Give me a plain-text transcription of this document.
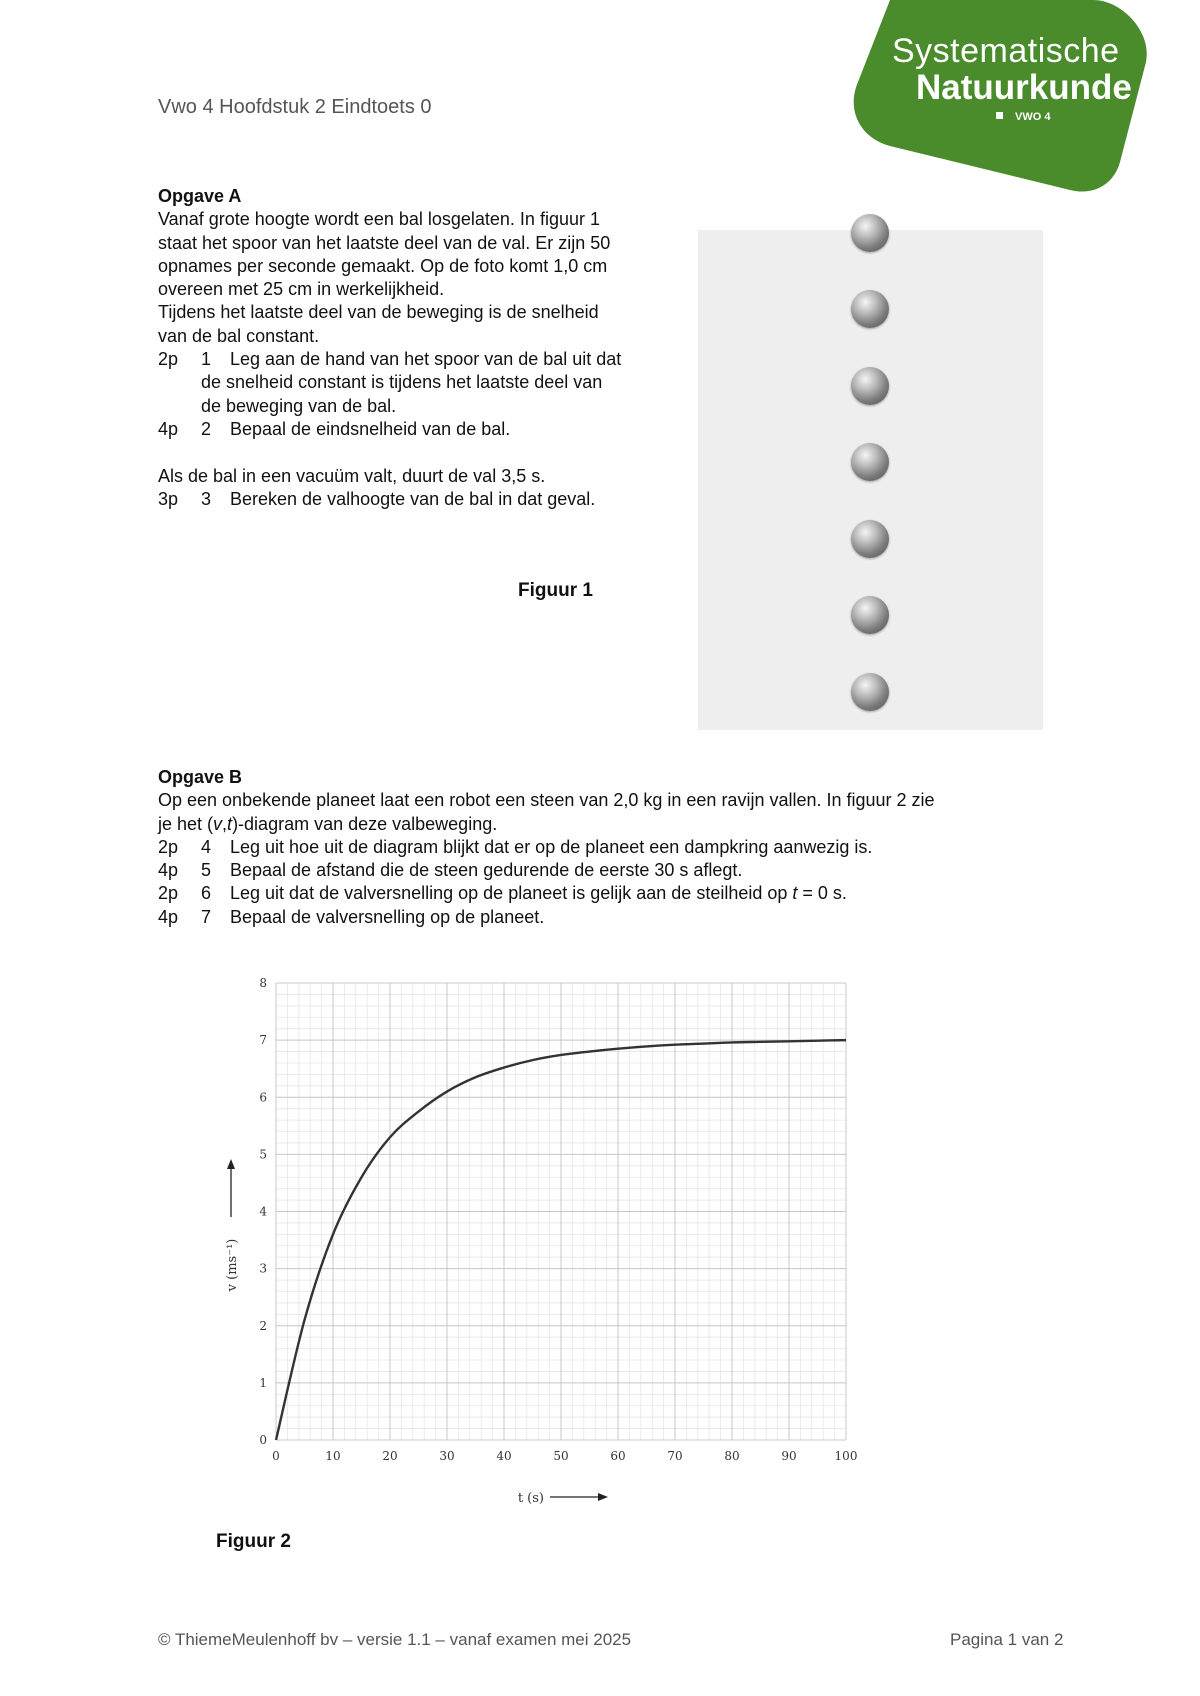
Vwo 4 Hoofdstuk 2 Eindtoets 0
Systematische
Natuurkunde
VWO 4
Opgave A
Vanaf grote hoogte wordt een bal losgelaten. In figuur 1
staat het spoor van het laatste deel van de val. Er zijn 50
opnames per seconde gemaakt. Op de foto komt 1,0 cm
overeen met 25 cm in werkelijkheid.
Tijdens het laatste deel van de beweging is de snelheid
van de bal constant.
2p	1	Leg aan de hand van het spoor van de bal uit dat
de snelheid constant is tijdens het laatste deel van
de beweging van de bal.
4p	2	Bepaal de eindsnelheid van de bal.
Als de bal in een vacuüm valt, duurt de val 3,5 s.
3p	3	Bereken de valhoogte van de bal in dat geval.
Figuur 1
Opgave B
Op een onbekende planeet laat een robot een steen van 2,0 kg in een ravijn vallen. In figuur 2 zie
je het (v,t)-diagram van deze valbeweging.
2p	4	Leg uit hoe uit de diagram blijkt dat er op de planeet een dampkring aanwezig is.
4p	5	Bepaal de afstand die de steen gedurende de eerste 30 s aflegt.
2p	6	Leg uit dat de valversnelling op de planeet is gelijk aan de steilheid op t = 0 s.
4p	7	Bepaal de valversnelling op de planeet.
0	10	20	30	40	50	60	70	80	90	100
0
1
2
3
4
5
6
7
8
v (ms⁻¹)
t (s)
Figuur 2
© ThiemeMeulenhoff bv – versie 1.1 – vanaf examen mei 2025	Pagina 1 van 2
